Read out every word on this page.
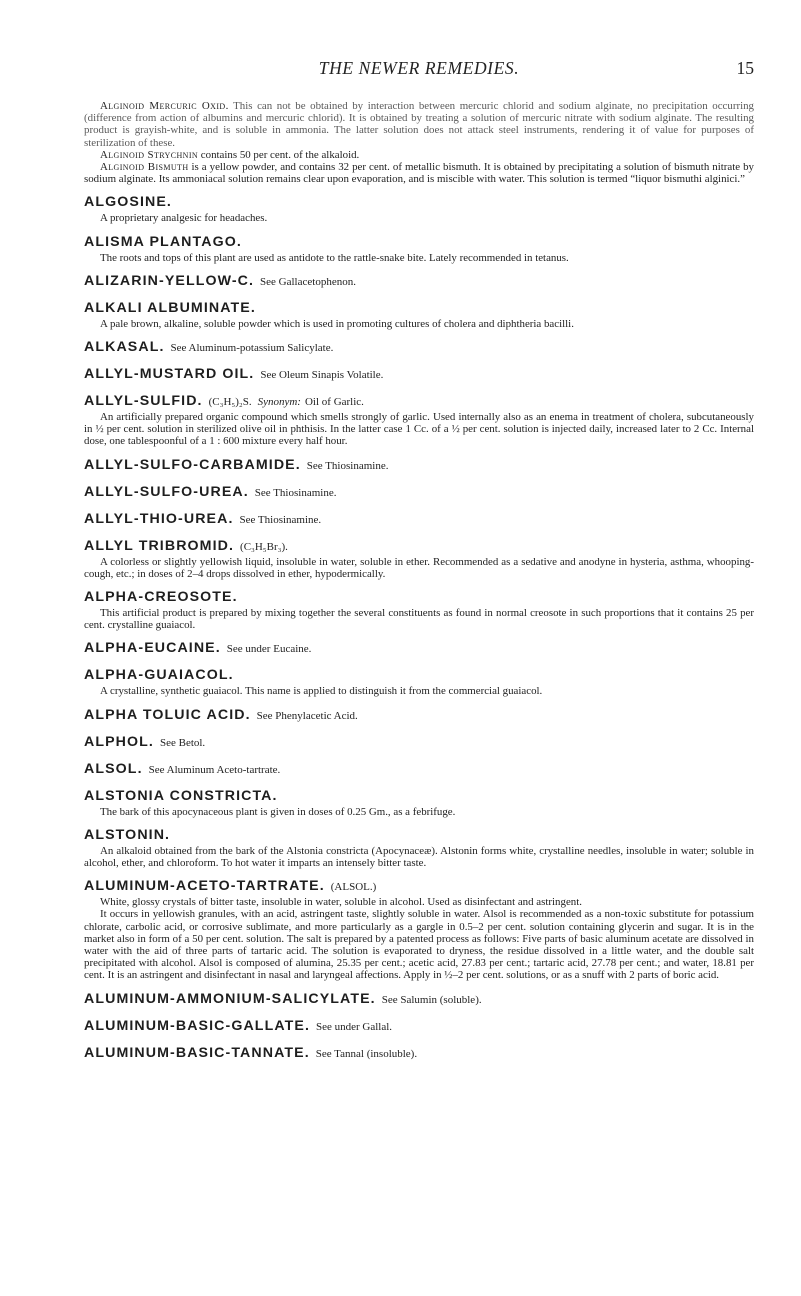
THE NEWER REMEDIES.	15

Alginoid Mercuric Oxid. This can not be obtained by interaction between mercuric chlorid and sodium alginate, no precipitation occurring (difference from action of albumins and mercuric chlorid). It is obtained by treating a solution of mercuric nitrate with sodium alginate. The resulting product is grayish-white, and is soluble in ammonia. The latter solution does not attack steel instruments, rendering it of value for purposes of sterilization of these.

Alginoid Strychnin contains 50 per cent. of the alkaloid.

Alginoid Bismuth is a yellow powder, and contains 32 per cent. of metallic bismuth. It is obtained by precipitating a solution of bismuth nitrate by sodium alginate. Its ammoniacal solution remains clear upon evaporation, and is miscible with water. This solution is termed “liquor bismuthi alginici.”

ALGOSINE.

A proprietary analgesic for headaches.

ALISMA PLANTAGO.

The roots and tops of this plant are used as antidote to the rattle-snake bite. Lately recommended in tetanus.

ALIZARIN-YELLOW-C. See Gallacetophenon.
ALKALI ALBUMINATE.

A pale brown, alkaline, soluble powder which is used in promoting cultures of cholera and diphtheria bacilli.

ALKASAL. See Aluminum-potassium Salicylate.
ALLYL-MUSTARD OIL. See Oleum Sinapis Volatile.
ALLYL-SULFID. (C₃H₅)₂S. Synonym: Oil of Garlic.

An artificially prepared organic compound which smells strongly of garlic. Used internally also as an enema in treatment of cholera, subcutaneously in ½ per cent. solution in sterilized olive oil in phthisis. In the latter case 1 Cc. of a ½ per cent. solution is injected daily, increased later to 2 Cc. Internal dose, one tablespoonful of a 1 : 600 mixture every half hour.

ALLYL-SULFO-CARBAMIDE. See Thiosinamine.
ALLYL-SULFO-UREA. See Thiosinamine.
ALLYL-THIO-UREA. See Thiosinamine.
ALLYL TRIBROMID. (C₃H₅Br₃).

A colorless or slightly yellowish liquid, insoluble in water, soluble in ether. Recommended as a sedative and anodyne in hysteria, asthma, whooping-cough, etc.; in doses of 2–4 drops dissolved in ether, hypodermically.

ALPHA-CREOSOTE.

This artificial product is prepared by mixing together the several constituents as found in normal creosote in such proportions that it contains 25 per cent. crystalline guaiacol.

ALPHA-EUCAINE. See under Eucaine.
ALPHA-GUAIACOL.

A crystalline, synthetic guaiacol. This name is applied to distinguish it from the commercial guaiacol.

ALPHA TOLUIC ACID. See Phenylacetic Acid.
ALPHOL. See Betol.
ALSOL. See Aluminum Aceto-tartrate.
ALSTONIA CONSTRICTA.

The bark of this apocynaceous plant is given in doses of 0.25 Gm., as a febrifuge.

ALSTONIN.

An alkaloid obtained from the bark of the Alstonia constricta (Apocynaceæ). Alstonin forms white, crystalline needles, insoluble in water; soluble in alcohol, ether, and chloroform. To hot water it imparts an intensely bitter taste.

ALUMINUM-ACETO-TARTRATE. (ALSOL.)

White, glossy crystals of bitter taste, insoluble in water, soluble in alcohol. Used as disinfectant and astringent.

It occurs in yellowish granules, with an acid, astringent taste, slightly soluble in water. Alsol is recommended as a non-toxic substitute for potassium chlorate, carbolic acid, or corrosive sublimate, and more particularly as a gargle in 0.5–2 per cent. solution containing glycerin and sugar. It is in the market also in form of a 50 per cent. solution. The salt is prepared by a patented process as follows: Five parts of basic aluminum acetate are dissolved in water with the aid of three parts of tartaric acid. The solution is evaporated to dryness, the residue dissolved in a little water, and the double salt precipitated with alcohol. Alsol is composed of alumina, 25.35 per cent.; acetic acid, 27.83 per cent.; tartaric acid, 27.78 per cent.; and water, 18.81 per cent. It is an astringent and disinfectant in nasal and laryngeal affections. Apply in ½–2 per cent. solutions, or as a snuff with 2 parts of boric acid.

ALUMINUM-AMMONIUM-SALICYLATE. See Salumin (soluble).
ALUMINUM-BASIC-GALLATE. See under Gallal.
ALUMINUM-BASIC-TANNATE. See Tannal (insoluble).
